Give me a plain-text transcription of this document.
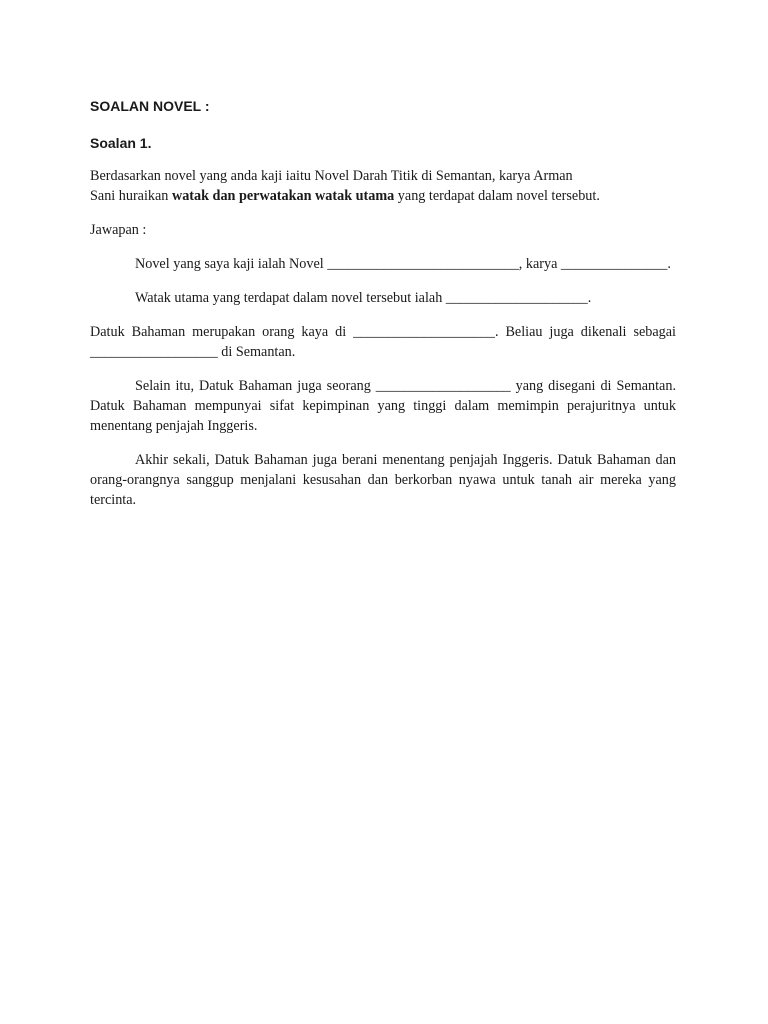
SOALAN NOVEL :

Soalan 1.

Berdasarkan novel yang anda kaji iaitu Novel Darah Titik di Semantan, karya Arman
Sani huraikan watak dan perwatakan watak utama yang terdapat dalam novel tersebut.

Jawapan :

Novel yang saya kaji ialah Novel ___________________________, karya _______________.

Watak utama yang terdapat dalam novel tersebut ialah ____________________.

Datuk Bahaman merupakan orang kaya di ____________________. Beliau juga dikenali sebagai __________________ di Semantan.

Selain itu, Datuk Bahaman juga seorang ___________________ yang disegani di Semantan. Datuk Bahaman mempunyai sifat kepimpinan yang tinggi dalam memimpin perajuritnya untuk menentang penjajah Inggeris.

Akhir sekali, Datuk Bahaman juga berani menentang penjajah Inggeris. Datuk Bahaman dan orang-orangnya sanggup menjalani kesusahan dan berkorban nyawa untuk tanah air mereka yang tercinta.
